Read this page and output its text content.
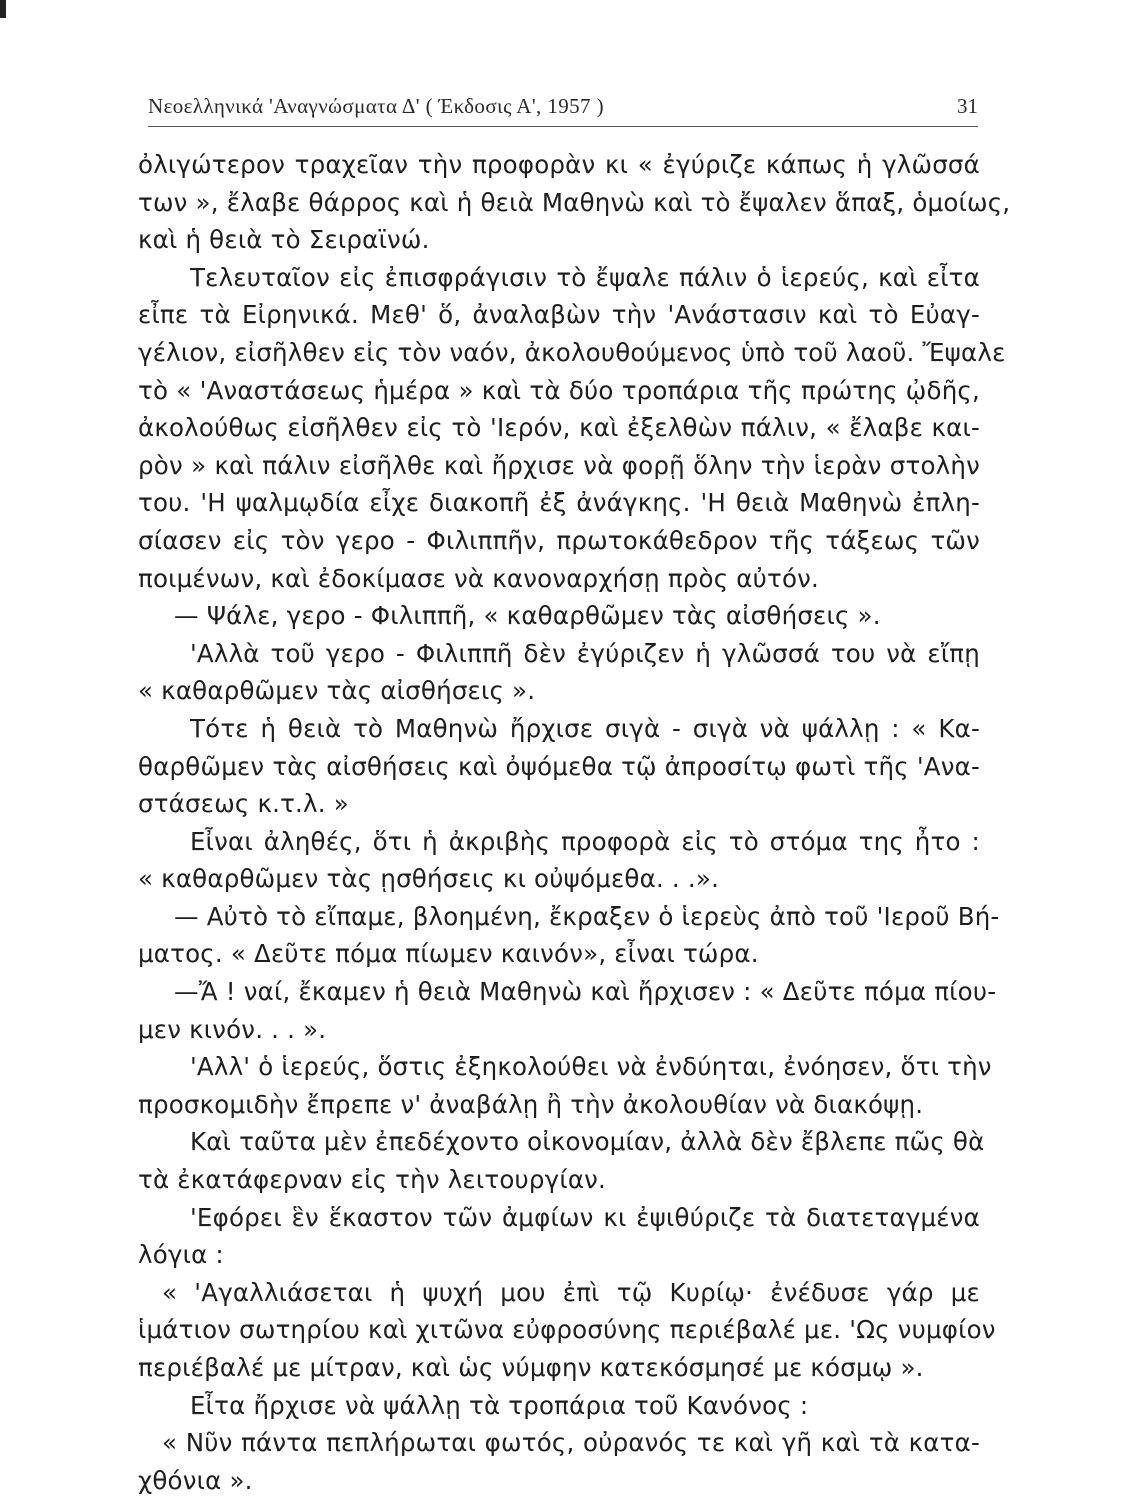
Νεοελληνικά 'Αναγνώσματα Δ' ( Έκδοσις Α', 1957 )	31
ὀλιγώτερον τραχεῖαν τὴν προφορὰν κι « ἐγύριζε κάπως ἡ γλῶσσά
των », ἔλαβε θάρρος καὶ ἡ θειὰ Μαθηνὼ καὶ τὸ ἔψαλεν ἅπαξ, ὁμοίως,
καὶ ἡ θειὰ τὸ Σειραϊνώ.
Τελευταῖον εἰς ἐπισφράγισιν τὸ ἔψαλε πάλιν ὁ ἱερεύς, καὶ εἶτα
εἶπε τὰ Εἰρηνικά. Μεθ' ὅ, ἀναλαβὼν τὴν 'Ανάστασιν καὶ τὸ Εὐαγ-
γέλιον, εἰσῆλθεν εἰς τὸν ναόν, ἀκολουθούμενος ὑπὸ τοῦ λαοῦ. Ἔψαλε
τὸ « 'Αναστάσεως ἡμέρα » καὶ τὰ δύο τροπάρια τῆς πρώτης ᾠδῆς,
ἀκολούθως εἰσῆλθεν εἰς τὸ 'Ιερόν, καὶ ἐξελθὼν πάλιν, « ἔλαβε και-
ρὸν » καὶ πάλιν εἰσῆλθε καὶ ἤρχισε νὰ φορῇ ὅλην τὴν ἱερὰν στολὴν
του. 'Η ψαλμῳδία εἶχε διακοπῆ ἐξ ἀνάγκης. 'Η θειὰ Μαθηνὼ ἐπλη-
σίασεν εἰς τὸν γερο - Φιλιππῆν, πρωτοκάθεδρον τῆς τάξεως τῶν
ποιμένων, καὶ ἐδοκίμασε νὰ κανοναρχήσῃ πρὸς αὐτόν.
— Ψάλε, γερο - Φιλιππῆ, « καθαρθῶμεν τὰς αἰσθήσεις ».
'Αλλὰ τοῦ γερο - Φιλιππῆ δὲν ἐγύριζεν ἡ γλῶσσά του νὰ εἴπῃ
« καθαρθῶμεν τὰς αἰσθήσεις ».
Τότε ἡ θειὰ τὸ Μαθηνὼ ἤρχισε σιγὰ - σιγὰ νὰ ψάλλῃ : « Κα-
θαρθῶμεν τὰς αἰσθήσεις καὶ ὀψόμεθα τῷ ἀπροσίτῳ φωτὶ τῆς 'Ανα-
στάσεως κ.τ.λ. »
Εἶναι ἀληθές, ὅτι ἡ ἀκριβὴς προφορὰ εἰς τὸ στόμα της ἦτο :
« καθαρθῶμεν τὰς ῃσθήσεις κι οὐψόμεθα. . .».
— Αὐτὸ τὸ εἴπαμε, βλοημένη, ἔκραξεν ὁ ἱερεὺς ἀπὸ τοῦ 'Ιεροῦ Βή-
ματος. « Δεῦτε πόμα πίωμεν καινόν», εἶναι τώρα.
—Ἄ ! ναί, ἔκαμεν ἡ θειὰ Μαθηνὼ καὶ ἤρχισεν : « Δεῦτε πόμα πίου-
μεν κινόν. . . ».
'Αλλ' ὁ ἱερεύς, ὅστις ἐξηκολούθει νὰ ἐνδύηται, ἐνόησεν, ὅτι τὴν
προσκομιδὴν ἔπρεπε ν' ἀναβάλῃ ἢ τὴν ἀκολουθίαν νὰ διακόψῃ.
Καὶ ταῦτα μὲν ἐπεδέχοντο οἰκονομίαν, ἀλλὰ δὲν ἔβλεπε πῶς θὰ
τὰ ἐκατάφερναν εἰς τὴν λειτουργίαν.
'Εφόρει ἓν ἕκαστον τῶν ἀμφίων κι ἐψιθύριζε τὰ διατεταγμένα
λόγια :
« 'Αγαλλιάσεται ἡ ψυχή μου ἐπὶ τῷ Κυρίῳ· ἐνέδυσε γάρ με
ἱμάτιον σωτηρίου καὶ χιτῶνα εὐφροσύνης περιέβαλέ με. 'Ως νυμφίον
περιέβαλέ με μίτραν, καὶ ὡς νύμφην κατεκόσμησέ με κόσμῳ ».
Εἶτα ἤρχισε νὰ ψάλλῃ τὰ τροπάρια τοῦ Κανόνος :
« Νῦν πάντα πεπλήρωται φωτός, οὐρανός τε καὶ γῆ καὶ τὰ κατα-
χθόνια ».
